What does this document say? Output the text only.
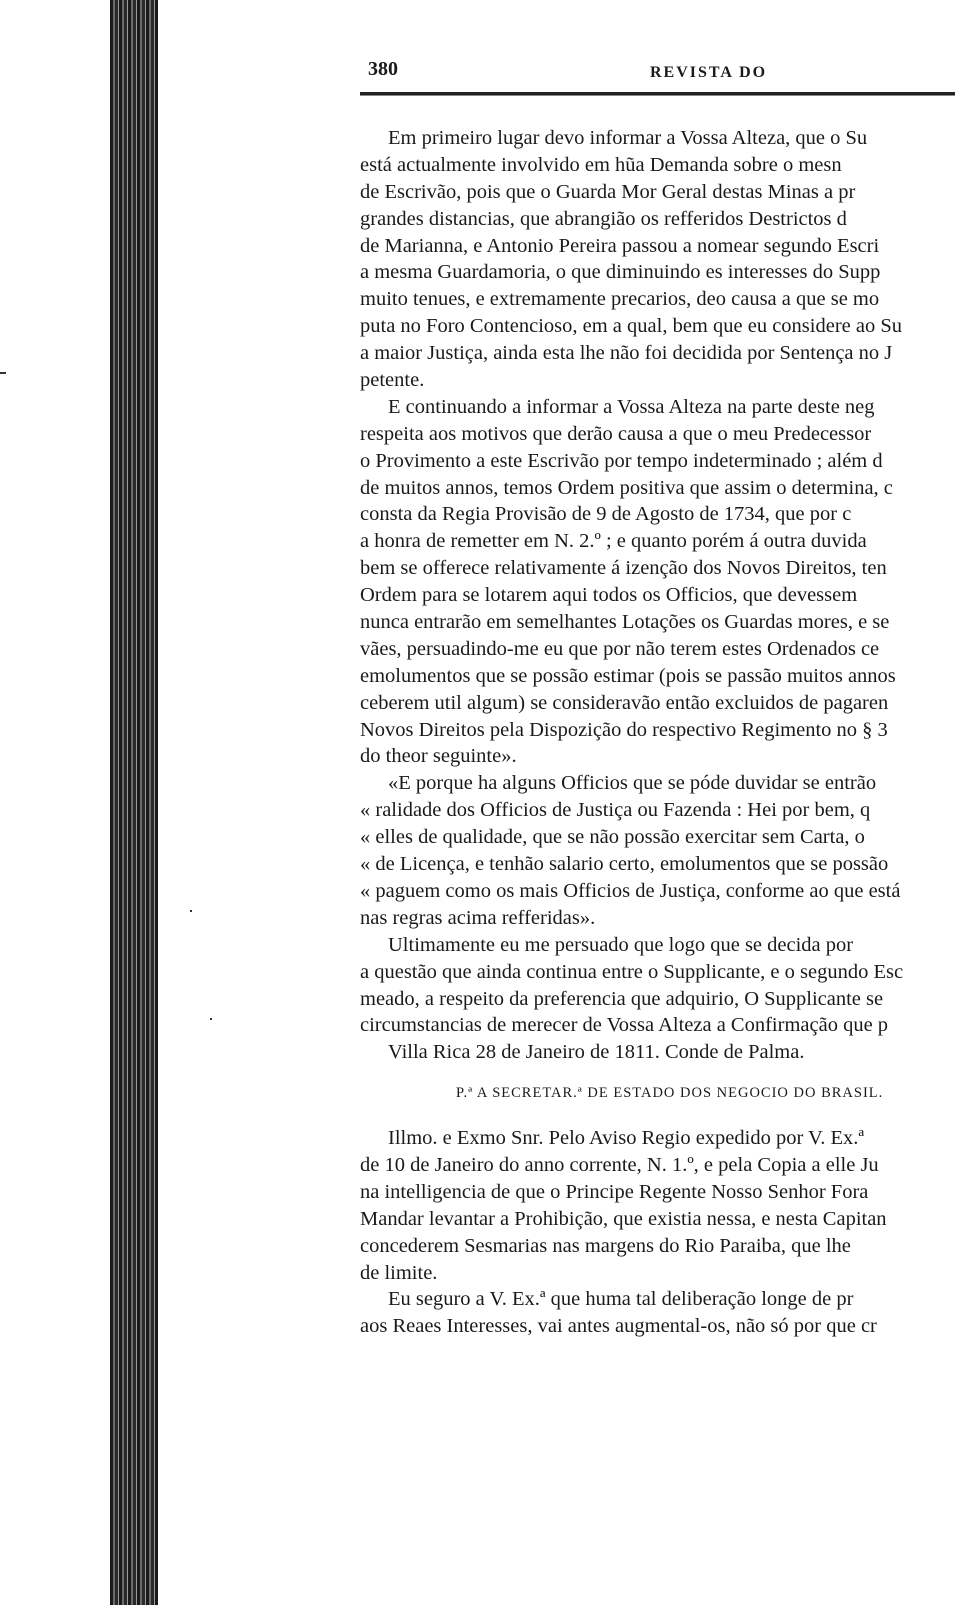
380	REVISTA DO
Em primeiro lugar devo informar a Vossa Alteza, que o Su
está actualmente involvido em hũa Demanda sobre o mesn
de Escrivão, pois que o Guarda Mor Geral destas Minas a pr
grandes distancias, que abrangião os refferidos Destrictos d
de Marianna, e Antonio Pereira passou a nomear segundo Escri
a mesma Guardamoria, o que diminuindo es interesses do Supp
muito tenues, e extremamente precarios, deo causa a que se mo
puta no Foro Contencioso, em a qual, bem que eu considere ao Su
a maior Justiça, ainda esta lhe não foi decidida por Sentença no J
petente.
E continuando a informar a Vossa Alteza na parte deste neg
respeita aos motivos que derão causa a que o meu Predecessor
o Provimento a este Escrivão por tempo indeterminado ; além d
de muitos annos, temos Ordem positiva que assim o determina, c
consta da Regia Provisão de 9 de Agosto de 1734, que por c
a honra de remetter em N. 2.º ; e quanto porém á outra duvida
bem se offerece relativamente á izenção dos Novos Direitos, ten
Ordem para se lotarem aqui todos os Officios, que devessem
nunca entrarão em semelhantes Lotações os Guardas mores, e se
vães, persuadindo-me eu que por não terem estes Ordenados ce
emolumentos que se possão estimar (pois se passão muitos annos
ceberem util algum) se consideravão então excluidos de pagaren
Novos Direitos pela Dispozição do respectivo Regimento no § 3
do theor seguinte».
«E porque ha alguns Officios que se póde duvidar se entrão
« ralidade dos Officios de Justiça ou Fazenda : Hei por bem, q
« elles de qualidade, que se não possão exercitar sem Carta, o
« de Licença, e tenhão salario certo, emolumentos que se possão
« paguem como os mais Officios de Justiça, conforme ao que está
nas regras acima refferidas».
Ultimamente eu me persuado que logo que se decida por
a questão que ainda continua entre o Supplicante, e o segundo Esc
meado, a respeito da preferencia que adquirio, O Supplicante se
circumstancias de merecer de Vossa Alteza a Confirmação que p
Villa Rica 28 de Janeiro de 1811. Conde de Palma.
P.ª A SECRETAR.ª DE ESTADO DOS NEGOCIO DO BRASIL.
Illmo. e Exmo Snr. Pelo Aviso Regio expedido por V. Ex.ª
de 10 de Janeiro do anno corrente, N. 1.º, e pela Copia a elle Ju
na intelligencia de que o Principe Regente Nosso Senhor Fora
Mandar levantar a Prohibição, que existia nessa, e nesta Capitan
concederem Sesmarias nas margens do Rio Paraiba, que lhe
de limite.
Eu seguro a V. Ex.ª que huma tal deliberação longe de pr
aos Reaes Interesses, vai antes augmental-os, não só por que cr
